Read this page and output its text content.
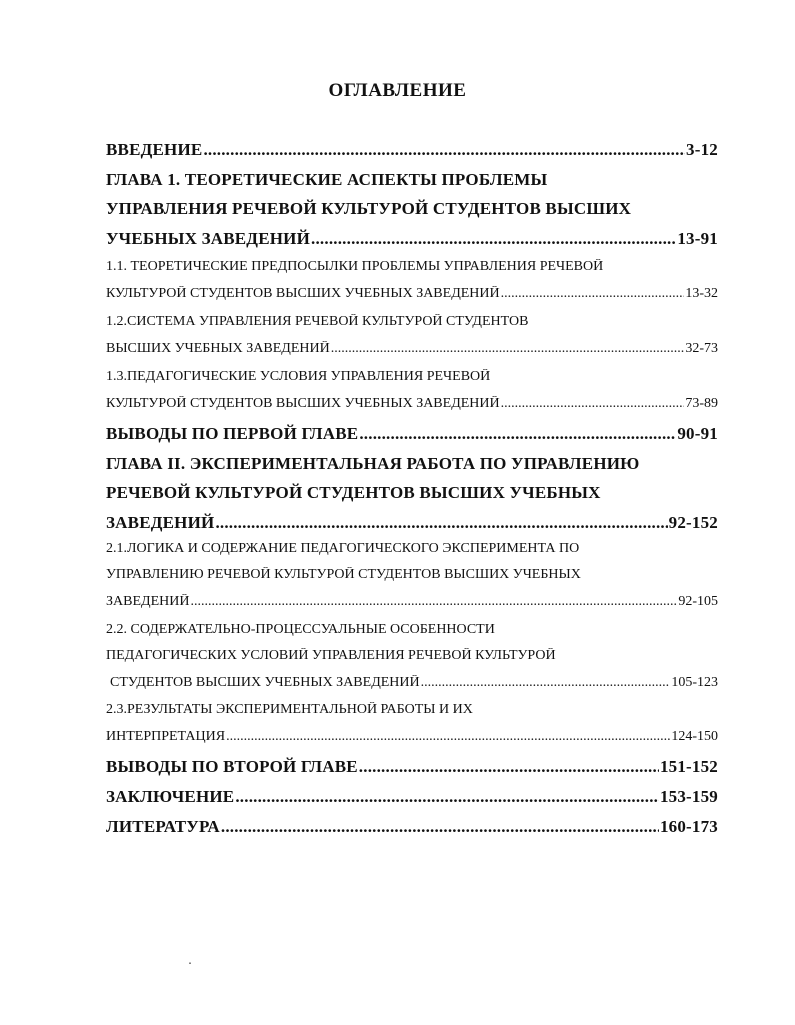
ОГЛАВЛЕНИЕ
ВВЕДЕНИЕ .....	3-12
ГЛАВА 1. ТЕОРЕТИЧЕСКИЕ АСПЕКТЫ ПРОБЛЕМЫ
УПРАВЛЕНИЯ РЕЧЕВОЙ КУЛЬТУРОЙ СТУДЕНТОВ ВЫСШИХ
УЧЕБНЫХ ЗАВЕДЕНИЙ .....	13-91
1.1. ТЕОРЕТИЧЕСКИЕ ПРЕДПОСЫЛКИ ПРОБЛЕМЫ УПРАВЛЕНИЯ РЕЧЕВОЙ
КУЛЬТУРОЙ СТУДЕНТОВ ВЫСШИХ УЧЕБНЫХ ЗАВЕДЕНИЙ .....	13-32
1.2.СИСТЕМА УПРАВЛЕНИЯ РЕЧЕВОЙ КУЛЬТУРОЙ СТУДЕНТОВ
ВЫСШИХ УЧЕБНЫХ ЗАВЕДЕНИЙ .....	32-73
1.3.ПЕДАГОГИЧЕСКИЕ УСЛОВИЯ УПРАВЛЕНИЯ РЕЧЕВОЙ
КУЛЬТУРОЙ СТУДЕНТОВ ВЫСШИХ УЧЕБНЫХ ЗАВЕДЕНИЙ .....	73-89
ВЫВОДЫ ПО ПЕРВОЙ ГЛАВЕ .....	90-91
ГЛАВА II. ЭКСПЕРИМЕНТАЛЬНАЯ РАБОТА ПО УПРАВЛЕНИЮ
РЕЧЕВОЙ КУЛЬТУРОЙ СТУДЕНТОВ ВЫСШИХ УЧЕБНЫХ
ЗАВЕДЕНИЙ .....	92-152
2.1.ЛОГИКА И СОДЕРЖАНИЕ ПЕДАГОГИЧЕСКОГО ЭКСПЕРИМЕНТА ПО
УПРАВЛЕНИЮ РЕЧЕВОЙ КУЛЬТУРОЙ СТУДЕНТОВ ВЫСШИХ УЧЕБНЫХ
ЗАВЕДЕНИЙ .....	92-105
2.2. СОДЕРЖАТЕЛЬНО-ПРОЦЕССУАЛЬНЫЕ ОСОБЕННОСТИ
ПЕДАГОГИЧЕСКИХ УСЛОВИЙ УПРАВЛЕНИЯ РЕЧЕВОЙ КУЛЬТУРОЙ
СТУДЕНТОВ ВЫСШИХ УЧЕБНЫХ ЗАВЕДЕНИЙ .....	105-123
2.3.РЕЗУЛЬТАТЫ ЭКСПЕРИМЕНТАЛЬНОЙ РАБОТЫ И ИХ
ИНТЕРПРЕТАЦИЯ .....	124-150
ВЫВОДЫ ПО ВТОРОЙ ГЛАВЕ .....	151-152
ЗАКЛЮЧЕНИЕ .....	153-159
ЛИТЕРАТУРА .....	160-173
․
